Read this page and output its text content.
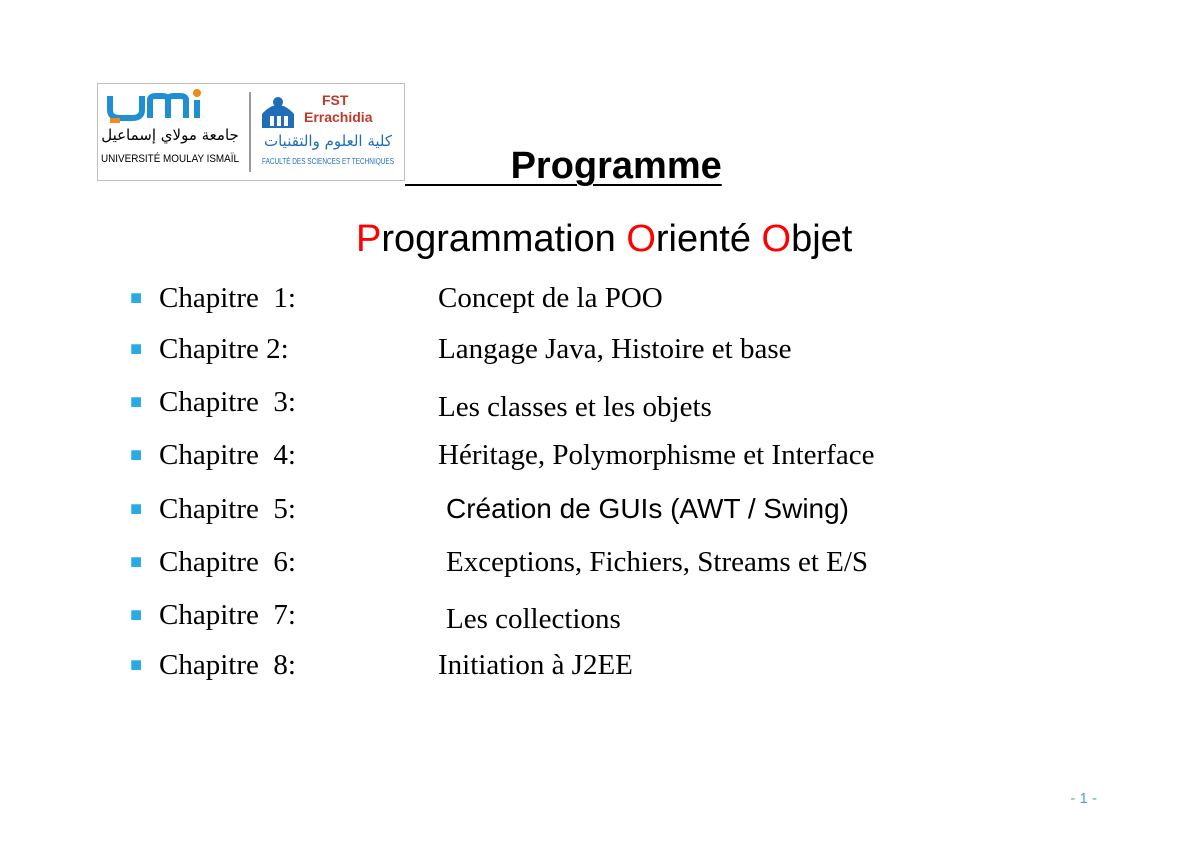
جامعة مولاي إسماعيل
UNIVERSITÉ MOULAY ISMAÏL
FST
Errachidia
كلية العلوم والتقنيات
FACULTÉ DES SCIENCES ET TECHNIQUES Programme
Programmation Orienté Objet
■ Chapitre  1:	Concept de la POO
■ Chapitre 2:	Langage Java, Histoire et base
■ Chapitre  3:	Les classes et les objets
■ Chapitre  4:	Héritage, Polymorphisme et Interface
■ Chapitre  5:	Création de GUIs (AWT / Swing)
■ Chapitre  6:	Exceptions, Fichiers, Streams et E/S
■ Chapitre  7:	Les collections
■ Chapitre  8:	Initiation à J2EE
- 1 -
